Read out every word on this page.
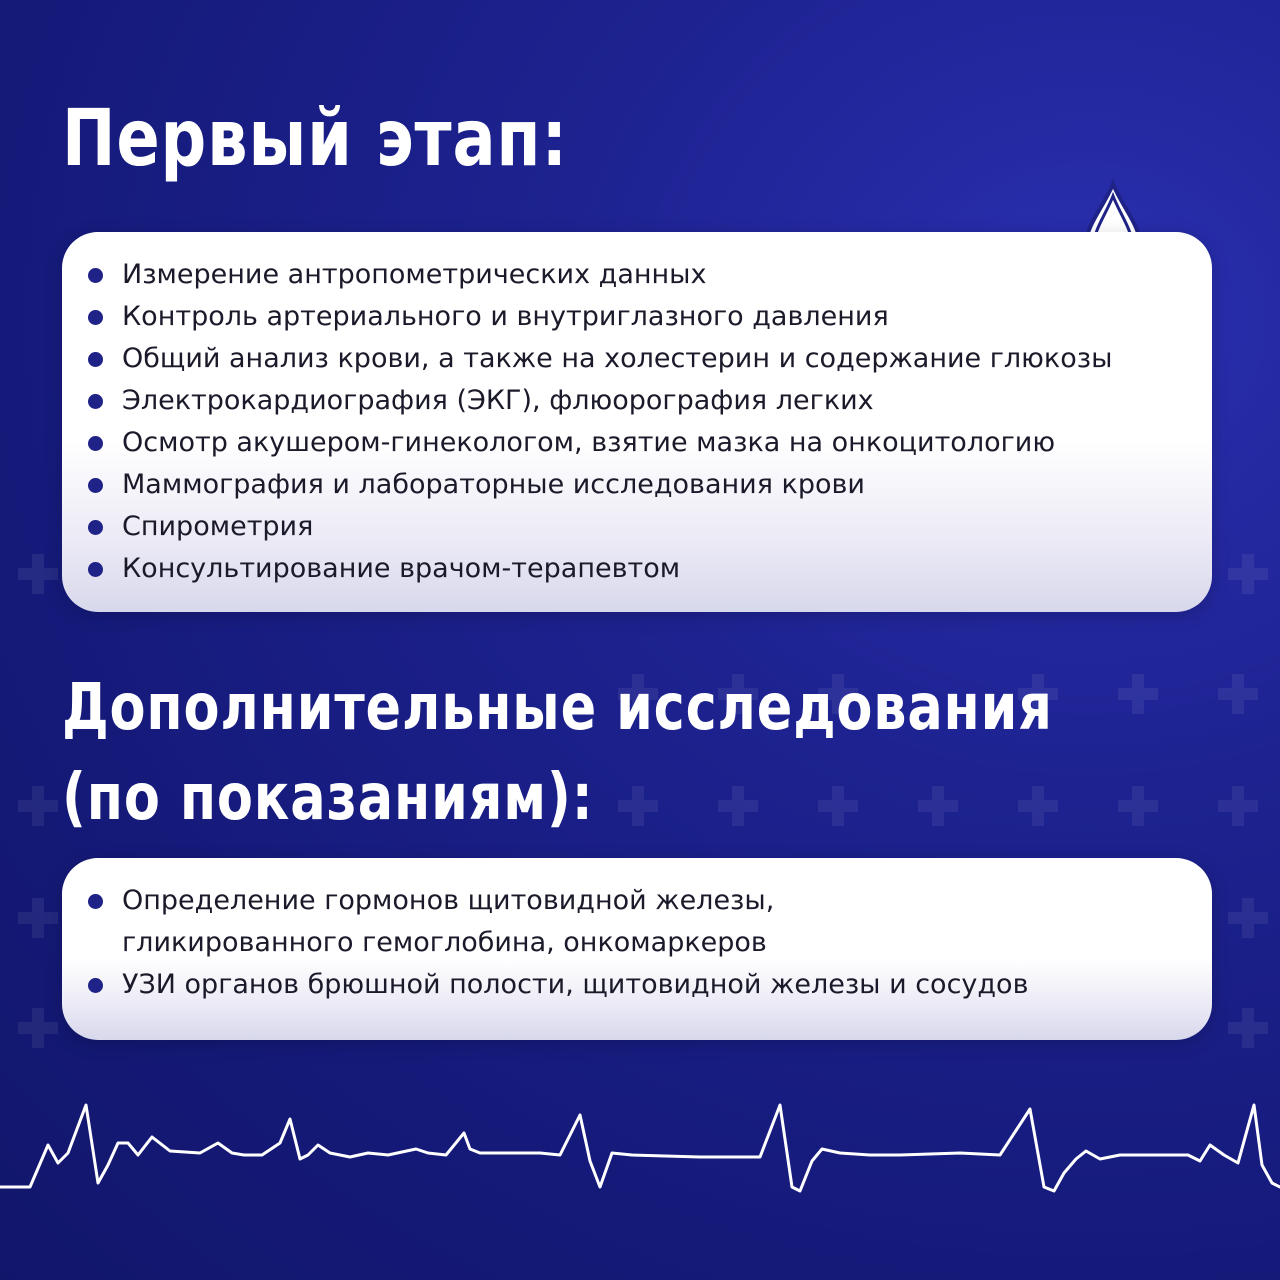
Первый этап:
Измерение антропометрических данных
Контроль артериального и внутриглазного давления
Общий анализ крови, а также на холестерин и содержание глюкозы
Электрокардиография (ЭКГ), флюорография легких
Осмотр акушером-гинекологом, взятие мазка на онкоцитологию
Маммография и лабораторные исследования крови
Спирометрия
Консультирование врачом-терапевтом
Дополнительные исследования
(по показаниям):
Определение гормонов щитовидной железы,
гликированного гемоглобина, онкомаркеров
УЗИ органов брюшной полости, щитовидной железы и сосудов
